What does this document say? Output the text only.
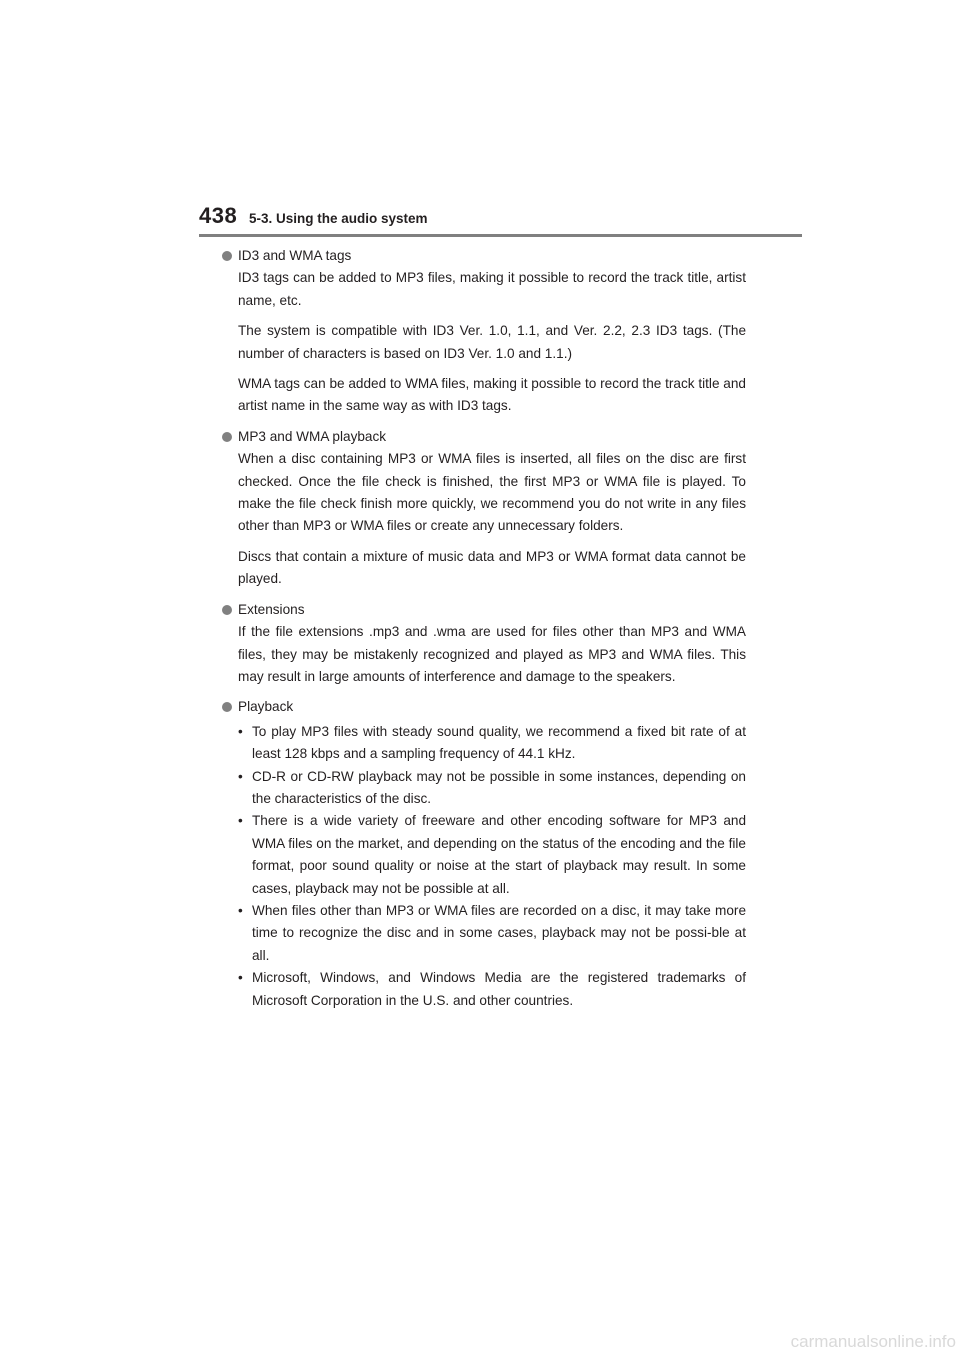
438 5-3. Using the audio system
ID3 and WMA tags

ID3 tags can be added to MP3 files, making it possible to record the track title, artist name, etc.

The system is compatible with ID3 Ver. 1.0, 1.1, and Ver. 2.2, 2.3 ID3 tags. (The number of characters is based on ID3 Ver. 1.0 and 1.1.)

WMA tags can be added to WMA files, making it possible to record the track title and artist name in the same way as with ID3 tags.

MP3 and WMA playback

When a disc containing MP3 or WMA files is inserted, all files on the disc are first checked. Once the file check is finished, the first MP3 or WMA file is played. To make the file check finish more quickly, we recommend you do not write in any files other than MP3 or WMA files or create any unnecessary folders.

Discs that contain a mixture of music data and MP3 or WMA format data cannot be played.

Extensions

If the file extensions .mp3 and .wma are used for files other than MP3 and WMA files, they may be mistakenly recognized and played as MP3 and WMA files. This may result in large amounts of interference and damage to the speakers.

Playback
• To play MP3 files with steady sound quality, we recommend a fixed bit rate of at least 128 kbps and a sampling frequency of 44.1 kHz.
• CD-R or CD-RW playback may not be possible in some instances, depending on the characteristics of the disc.
• There is a wide variety of freeware and other encoding software for MP3 and WMA files on the market, and depending on the status of the encoding and the file format, poor sound quality or noise at the start of playback may result. In some cases, playback may not be possible at all.
• When files other than MP3 or WMA files are recorded on a disc, it may take more time to recognize the disc and in some cases, playback may not be possi-ble at all.
• Microsoft, Windows, and Windows Media are the registered trademarks of Microsoft Corporation in the U.S. and other countries.
carmanualsonline.info
